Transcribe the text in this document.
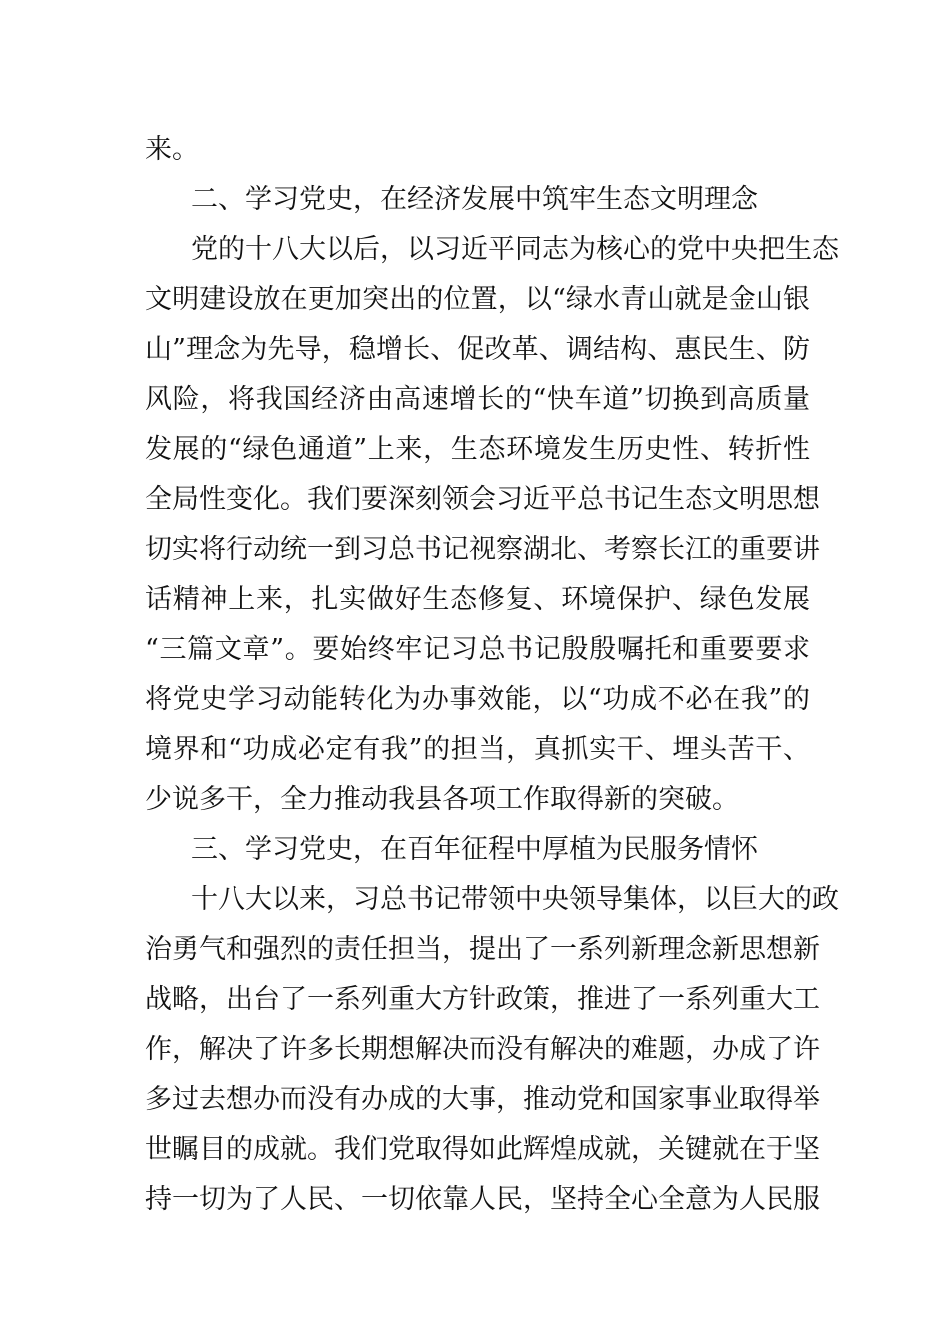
来。
二、学习党史，在经济发展中筑牢生态文明理念
党的十八大以后，以习近平同志为核心的党中央把生态
文明建设放在更加突出的位置，以“绿水青山就是金山银
山”理念为先导，稳增长、促改革、调结构、惠民生、防
风险，将我国经济由高速增长的“快车道”切换到高质量
发展的“绿色通道”上来，生态环境发生历史性、转折性
全局性变化。我们要深刻领会习近平总书记生态文明思想
切实将行动统一到习总书记视察湖北、考察长江的重要讲
话精神上来，扎实做好生态修复、环境保护、绿色发展
“三篇文章”。要始终牢记习总书记殷殷嘱托和重要要求
将党史学习动能转化为办事效能，以“功成不必在我”的
境界和“功成必定有我”的担当，真抓实干、埋头苦干、
少说多干，全力推动我县各项工作取得新的突破。
三、学习党史，在百年征程中厚植为民服务情怀
十八大以来，习总书记带领中央领导集体，以巨大的政
治勇气和强烈的责任担当，提出了一系列新理念新思想新
战略，出台了一系列重大方针政策，推进了一系列重大工
作，解决了许多长期想解决而没有解决的难题，办成了许
多过去想办而没有办成的大事，推动党和国家事业取得举
世瞩目的成就。我们党取得如此辉煌成就，关键就在于坚
持一切为了人民、一切依靠人民，坚持全心全意为人民服
